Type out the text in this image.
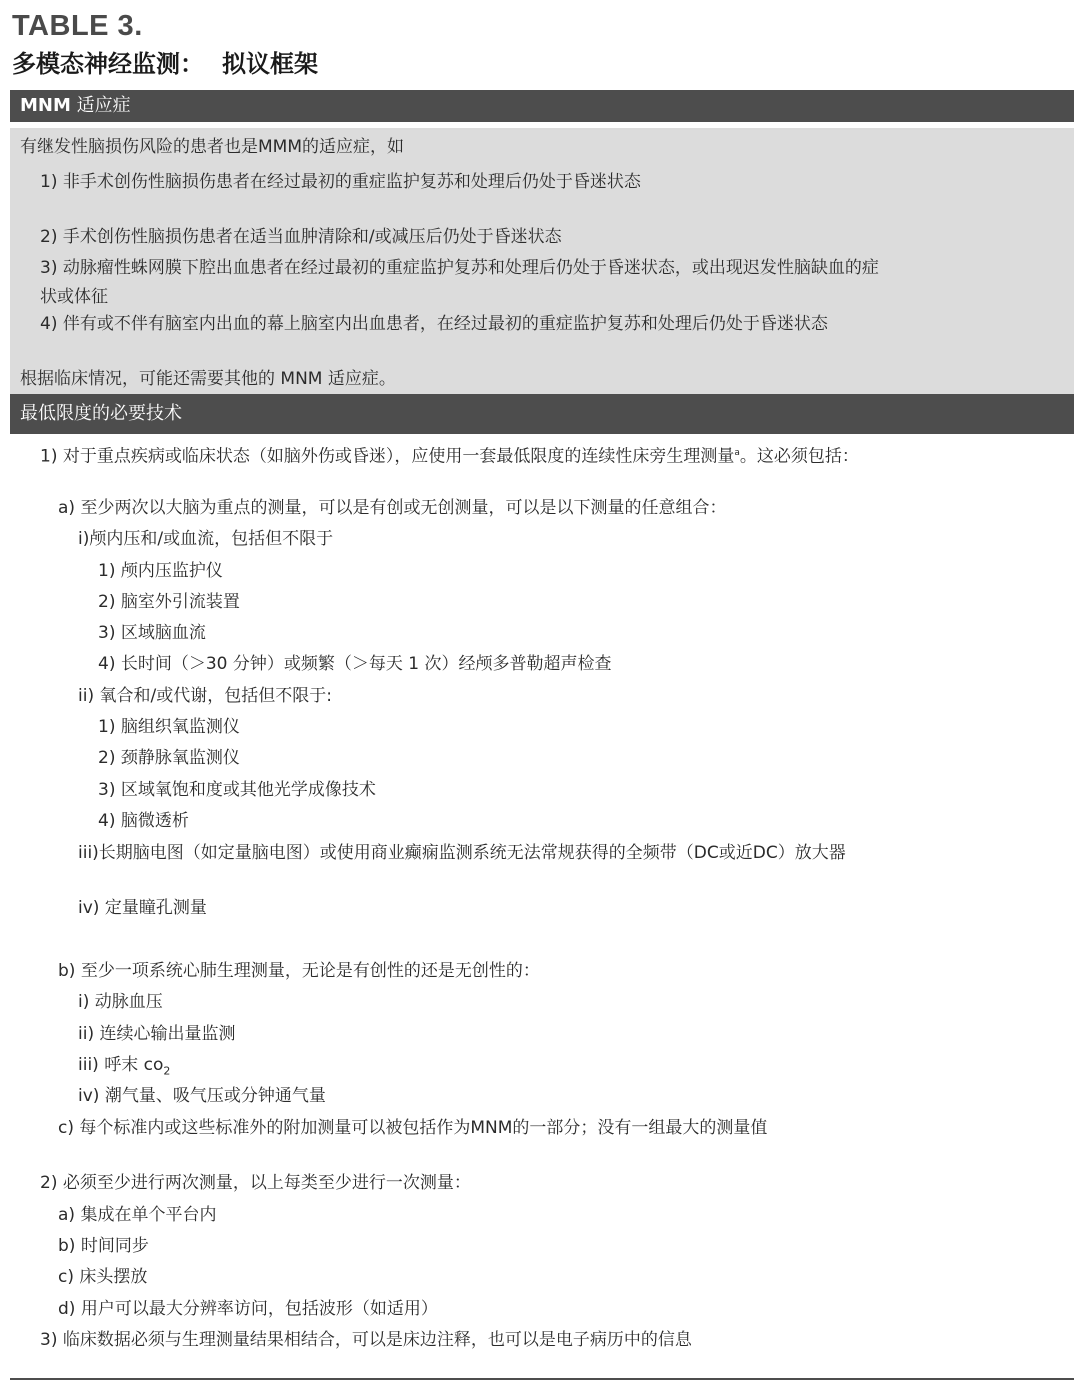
TABLE 3.
多模态神经监测： 拟议框架
MNM 适应症
有继发性脑损伤风险的患者也是MMM的适应症，如
1) 非手术创伤性脑损伤患者在经过最初的重症监护复苏和处理后仍处于昏迷状态
2) 手术创伤性脑损伤患者在适当血肿清除和/或减压后仍处于昏迷状态
3) 动脉瘤性蛛网膜下腔出血患者在经过最初的重症监护复苏和处理后仍处于昏迷状态，或出现迟发性脑缺血的症
状或体征
4) 伴有或不伴有脑室内出血的幕上脑室内出血患者，在经过最初的重症监护复苏和处理后仍处于昏迷状态
根据临床情况，可能还需要其他的 MNM 适应症。
最低限度的必要技术
1) 对于重点疾病或临床状态（如脑外伤或昏迷），应使用一套最低限度的连续性床旁生理测量$^a$。这必须包括：
a) 至少两次以大脑为重点的测量，可以是有创或无创测量，可以是以下测量的任意组合：
i)颅内压和/或血流，包括但不限于
1) 颅内压监护仪
2) 脑室外引流装置
3) 区域脑血流
4) 长时间（＞30 分钟）或频繁（＞每天 1 次）经颅多普勒超声检查
ii) 氧合和/或代谢，包括但不限于:
1) 脑组织氧监测仪
2) 颈静脉氧监测仪
3) 区域氧饱和度或其他光学成像技术
4) 脑微透析
iii)长期脑电图（如定量脑电图）或使用商业癫痫监测系统无法常规获得的全频带（DC或近DC）放大器
iv) 定量瞳孔测量
b) 至少一项系统心肺生理测量，无论是有创性的还是无创性的：
i) 动脉血压
ii) 连续心输出量监测
iii) 呼末 $co_2$
iv) 潮气量、吸气压或分钟通气量
c) 每个标准内或这些标准外的附加测量可以被包括作为MNM的一部分；没有一组最大的测量值
2) 必须至少进行两次测量，以上每类至少进行一次测量：
a) 集成在单个平台内
b) 时间同步
c) 床头摆放
d) 用户可以最大分辨率访问，包括波形（如适用）
3) 临床数据必须与生理测量结果相结合，可以是床边注释，也可以是电子病历中的信息
